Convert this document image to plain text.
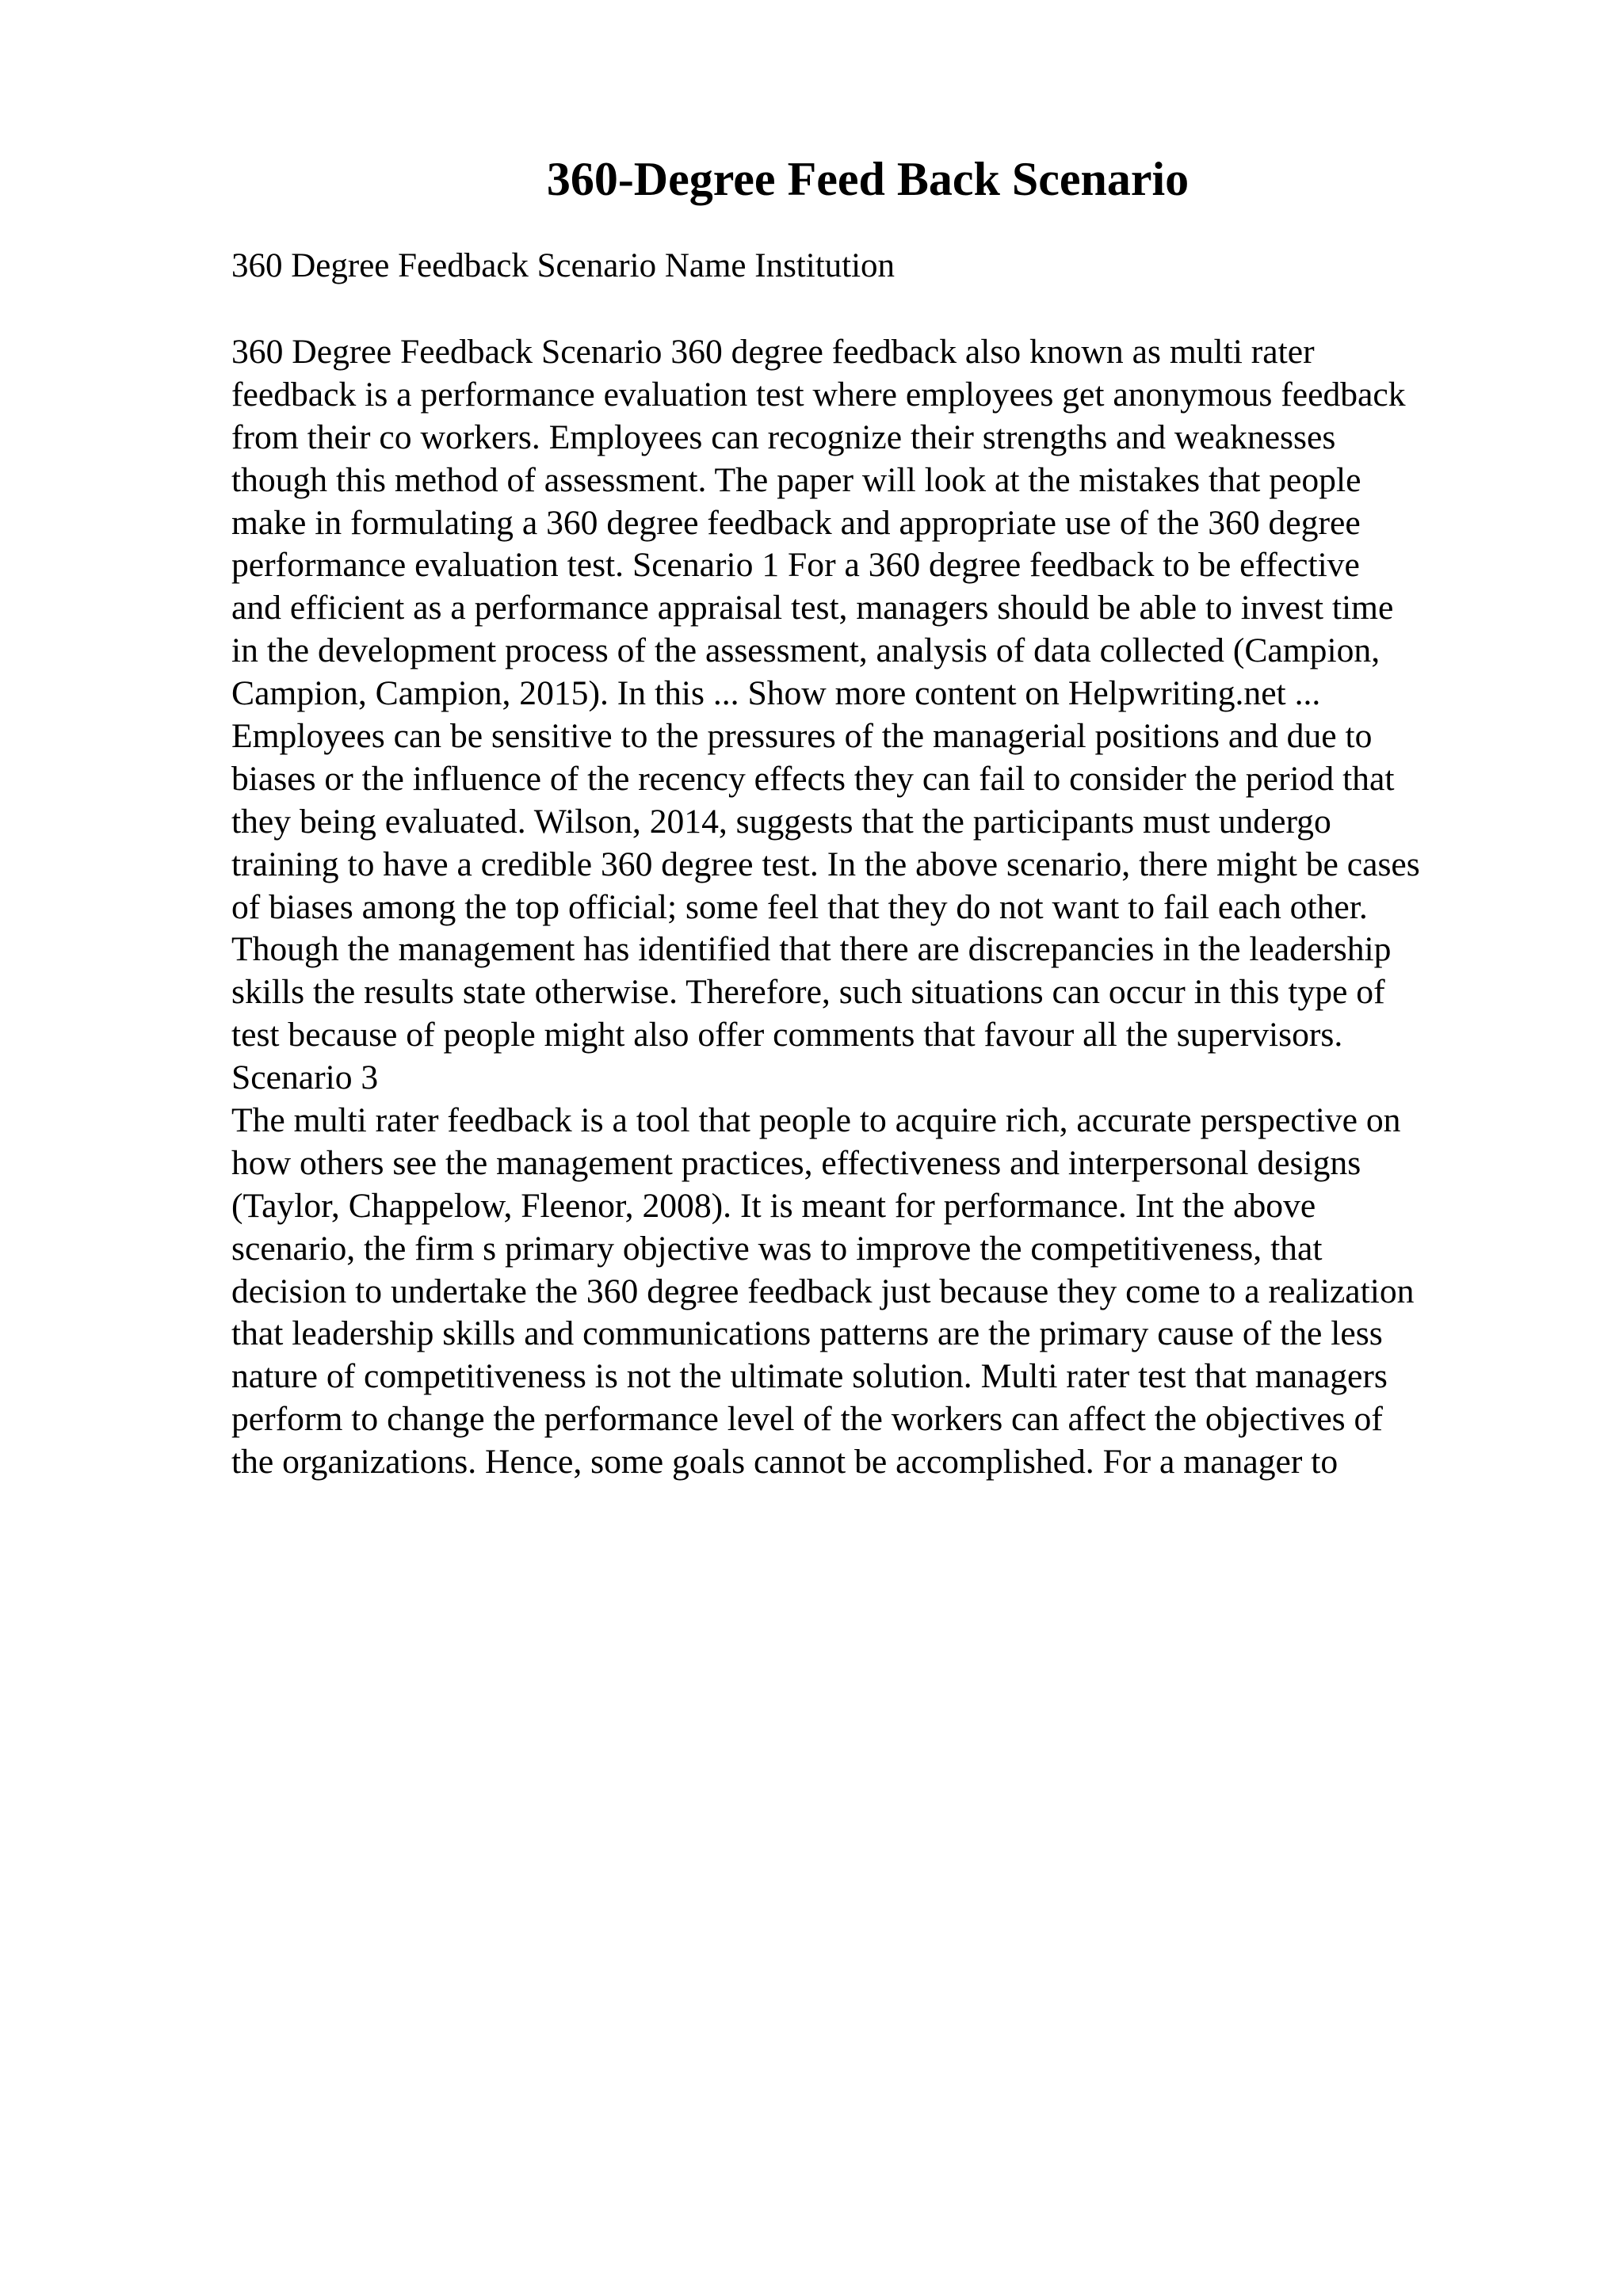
360-Degree Feed Back Scenario

360 Degree Feedback Scenario Name Institution

360 Degree Feedback Scenario 360 degree feedback also known as multi rater
feedback is a performance evaluation test where employees get anonymous feedback
from their co workers. Employees can recognize their strengths and weaknesses
though this method of assessment. The paper will look at the mistakes that people
make in formulating a 360 degree feedback and appropriate use of the 360 degree
performance evaluation test. Scenario 1 For a 360 degree feedback to be effective
and efficient as a performance appraisal test, managers should be able to invest time
in the development process of the assessment, analysis of data collected (Campion,
Campion, Campion, 2015). In this ... Show more content on Helpwriting.net ...
Employees can be sensitive to the pressures of the managerial positions and due to
biases or the influence of the recency effects they can fail to consider the period that
they being evaluated. Wilson, 2014, suggests that the participants must undergo
training to have a credible 360 degree test. In the above scenario, there might be cases
of biases among the top official; some feel that they do not want to fail each other.
Though the management has identified that there are discrepancies in the leadership
skills the results state otherwise. Therefore, such situations can occur in this type of
test because of people might also offer comments that favour all the supervisors.
Scenario 3
The multi rater feedback is a tool that people to acquire rich, accurate perspective on
how others see the management practices, effectiveness and interpersonal designs
(Taylor, Chappelow, Fleenor, 2008). It is meant for performance. Int the above
scenario, the firm s primary objective was to improve the competitiveness, that
decision to undertake the 360 degree feedback just because they come to a realization
that leadership skills and communications patterns are the primary cause of the less
nature of competitiveness is not the ultimate solution. Multi rater test that managers
perform to change the performance level of the workers can affect the objectives of
the organizations. Hence, some goals cannot be accomplished. For a manager to
